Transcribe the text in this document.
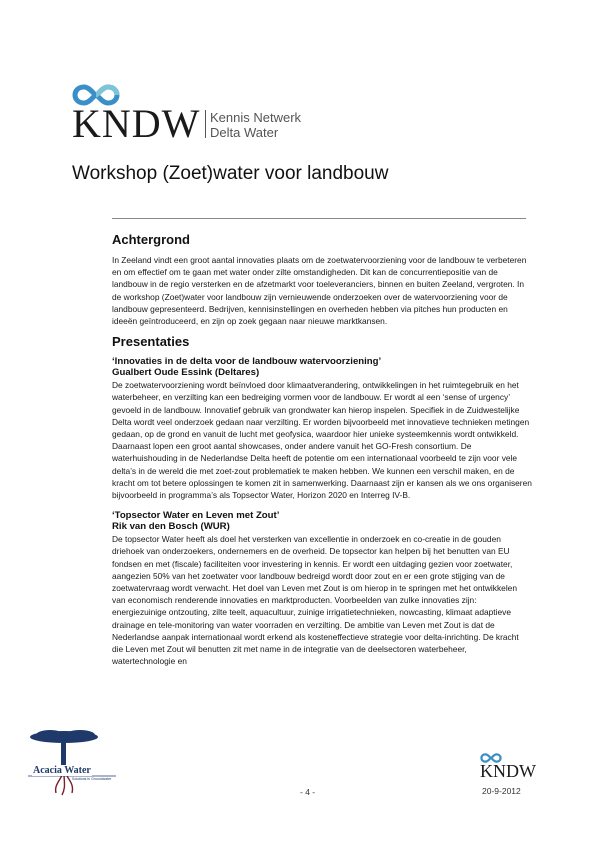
KNDW Kennis Netwerk
Delta Water
Workshop (Zoet)water voor landbouw
Achtergrond

In Zeeland vindt een groot aantal innovaties plaats om de zoetwatervoorziening voor de landbouw te verbeteren en om effectief om te gaan met water onder zilte omstandigheden. Dit kan de concurrentiepositie van de landbouw in de regio versterken en de afzetmarkt voor toeleveranciers, binnen en buiten Zeeland, vergroten. In de workshop (Zoet)water voor landbouw zijn vernieuwende onderzoeken over de watervoorziening voor de landbouw gepresenteerd. Bedrijven, kennisinstellingen en overheden hebben via pitches hun producten en ideeën geïntroduceerd, en zijn op zoek gegaan naar nieuwe marktkansen.

Presentaties
‘Innovaties in de delta voor de landbouw watervoorziening’
Gualbert Oude Essink (Deltares)

De zoetwatervoorziening wordt beïnvloed door klimaatverandering, ontwikkelingen in het ruimtegebruik en het waterbeheer, en verzilting kan een bedreiging vormen voor de landbouw. Er wordt al een ‘sense of urgency’ gevoeld in de landbouw. Innovatief gebruik van grondwater kan hierop inspelen. Specifiek in de Zuidwestelijke Delta wordt veel onderzoek gedaan naar verzilting. Er worden bijvoorbeeld met innovatieve technieken metingen gedaan, op de grond en vanuit de lucht met geofysica, waardoor hier unieke systeemkennis wordt ontwikkeld. Daarnaast lopen een groot aantal showcases, onder andere vanuit het GO-Fresh consortium. De waterhuishouding in de Nederlandse Delta heeft de potentie om een internationaal voorbeeld te zijn voor vele delta’s in de wereld die met zoet-zout problematiek te maken hebben. We kunnen een verschil maken, en de kracht om tot betere oplossingen te komen zit in samenwerking. Daarnaast zijn er kansen als we ons organiseren bijvoorbeeld in programma’s als Topsector Water, Horizon 2020 en Interreg IV-B.

‘Topsector Water en Leven met Zout’
Rik van den Bosch (WUR)

De topsector Water heeft als doel het versterken van excellentie in onderzoek en co-creatie in de gouden driehoek van onderzoekers, ondernemers en de overheid. De topsector kan helpen bij het benutten van EU fondsen en met (fiscale) faciliteiten voor investering in kennis. Er wordt een uitdaging gezien voor zoetwater, aangezien 50% van het zoetwater voor landbouw bedreigd wordt door zout en er een grote stijging van de zoetwatervraag wordt verwacht. Het doel van Leven met Zout is om hierop in te springen met het ontwikkelen van economisch renderende innovaties en marktproducten. Voorbeelden van zulke innovaties zijn: energiezuinige ontzouting, zilte teelt, aquacultuur, zuinige irrigatietechnieken, nowcasting, klimaat adaptieve drainage en tele-monitoring van water voorraden en verzilting. De ambitie van Leven met Zout is dat de Nederlandse aanpak internationaal wordt erkend als kosteneffectieve strategie voor delta-inrichting. De kracht die Leven met Zout wil benutten zit met name in de integratie van de deelsectoren waterbeheer, watertechnologie en

Acacia Water
Solutions in Groundwater
- 4 -
KNDW
20-9-2012
